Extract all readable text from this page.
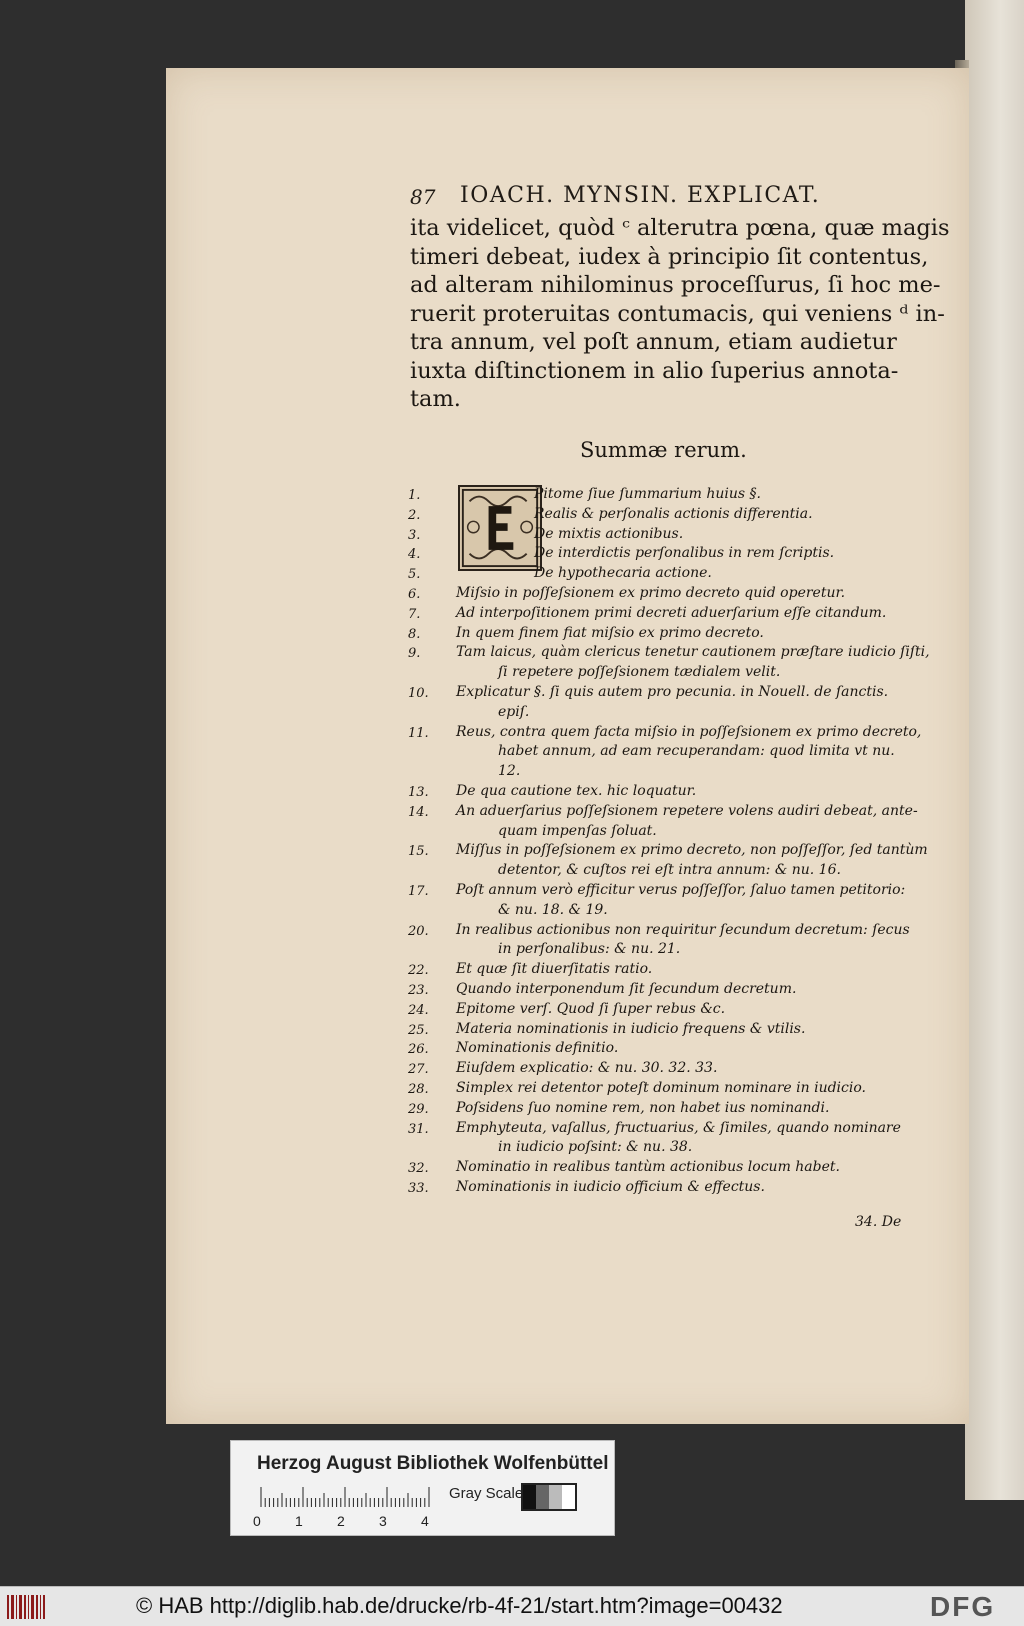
87 IOACH. MYNSIN. EXPLICAT.
ita videlicet, quòd ᶜ alterutra pœna, quæ magis
timeri debeat, iudex à principio ſit contentus,
ad alteram nihilominus proceſſurus, ſi hoc me-
ruerit proteruitas contumacis, qui veniens ᵈ in-
tra annum, vel poſt annum, etiam audietur
iuxta diſtinctionem in alio ſuperius annota-
tam.
Summæ rerum.
1.	Pitome ſiue ſummarium huius §.
2.	Realis & perſonalis actionis differentia.
3.	De mixtis actionibus.
4.	De interdictis perſonalibus in rem ſcriptis.
5.	De hypothecaria actione.
6.	Miſsio in poſſeſsionem ex primo decreto quid operetur.
7.	Ad interpoſitionem primi decreti aduerſarium eſſe citandum.
8.	In quem finem fiat miſsio ex primo decreto.
9.	Tam laicus, quàm clericus tenetur cautionem præſtare iudicio ſiſti,
ſi repetere poſſeſsionem tædialem velit.
10.	Explicatur §. ſi quis autem pro pecunia. in Nouell. de ſanctis.
epiſ.
11.	Reus, contra quem facta miſsio in poſſeſsionem ex primo decreto,
habet annum, ad eam recuperandam: quod limita vt nu.
12.
13.	De qua cautione tex. hic loquatur.
14.	An aduerſarius poſſeſsionem repetere volens audiri debeat, ante-
quam impenſas ſoluat.
15.	Miſſus in poſſeſsionem ex primo decreto, non poſſeſſor, ſed tantùm
detentor, & cuſtos rei eſt intra annum: & nu. 16.
17.	Poſt annum verò efficitur verus poſſeſſor, ſaluo tamen petitorio:
& nu. 18. & 19.
20.	In realibus actionibus non requiritur ſecundum decretum: ſecus
in perſonalibus: & nu. 21.
22.	Et quæ ſit diuerſitatis ratio.
23.	Quando interponendum ſit ſecundum decretum.
24.	Epitome verſ. Quod ſi ſuper rebus &c.
25.	Materia nominationis in iudicio frequens & vtilis.
26.	Nominationis definitio.
27.	Eiuſdem explicatio: & nu. 30. 32. 33.
28.	Simplex rei detentor poteſt dominum nominare in iudicio.
29.	Poſsidens ſuo nomine rem, non habet ius nominandi.
31.	Emphyteuta, vaſallus, fructuarius, & ſimiles, quando nominare
in iudicio poſsint: & nu. 38.
32.	Nominatio in realibus tantùm actionibus locum habet.
33.	Nominationis in iudicio officium & effectus.
34. De
Herzog August Bibliothek Wolfenbüttel
0 1 2 3 4
Gray Scale
© HAB http://diglib.hab.de/drucke/rb-4f-21/start.htm?image=00432	DFG
